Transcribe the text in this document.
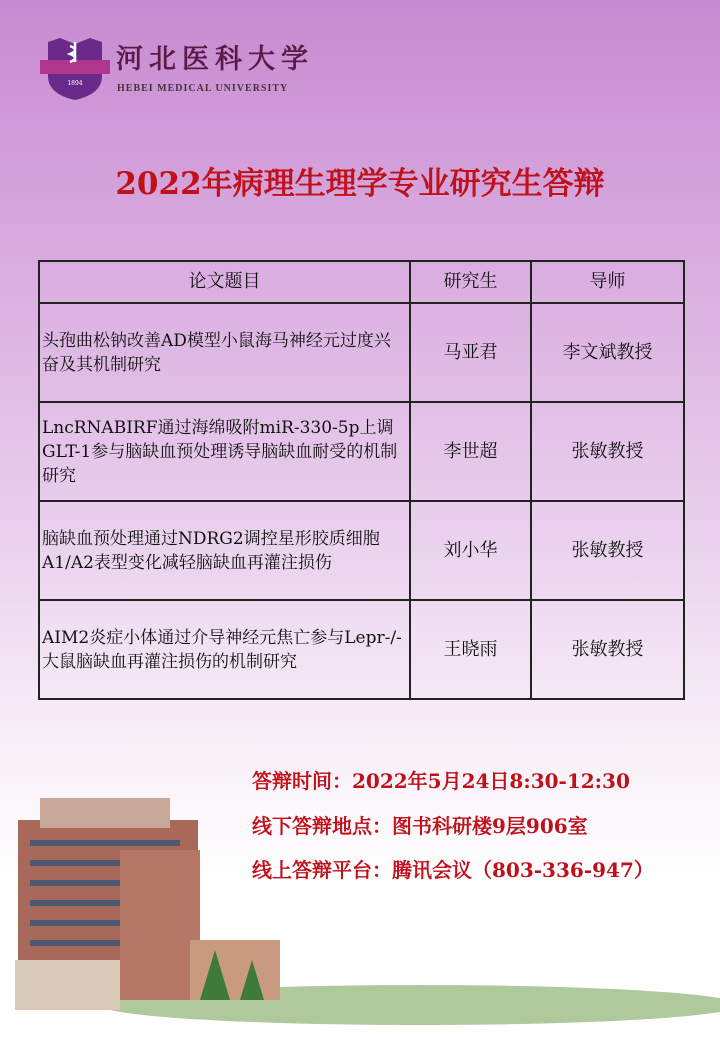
1894
河北医科大学
HEBEI MEDICAL UNIVERSITY
2022年病理生理学专业研究生答辩
论文题目	研究生	导师
头孢曲松钠改善AD模型小鼠海马神经元过度兴奋及其机制研究	马亚君	李文斌教授
LncRNABIRF通过海绵吸附miR-330-5p上调GLT-1参与脑缺血预处理诱导脑缺血耐受的机制研究	李世超	张敏教授
脑缺血预处理通过NDRG2调控星形胶质细胞A1/A2表型变化减轻脑缺血再灌注损伤	刘小华	张敏教授
AIM2炎症小体通过介导神经元焦亡参与Lepr-/-大鼠脑缺血再灌注损伤的机制研究	王晓雨	张敏教授
答辩时间：2022年5月24日8:30-12:30
线下答辩地点：图书科研楼9层906室
线上答辩平台：腾讯会议（803-336-947）
